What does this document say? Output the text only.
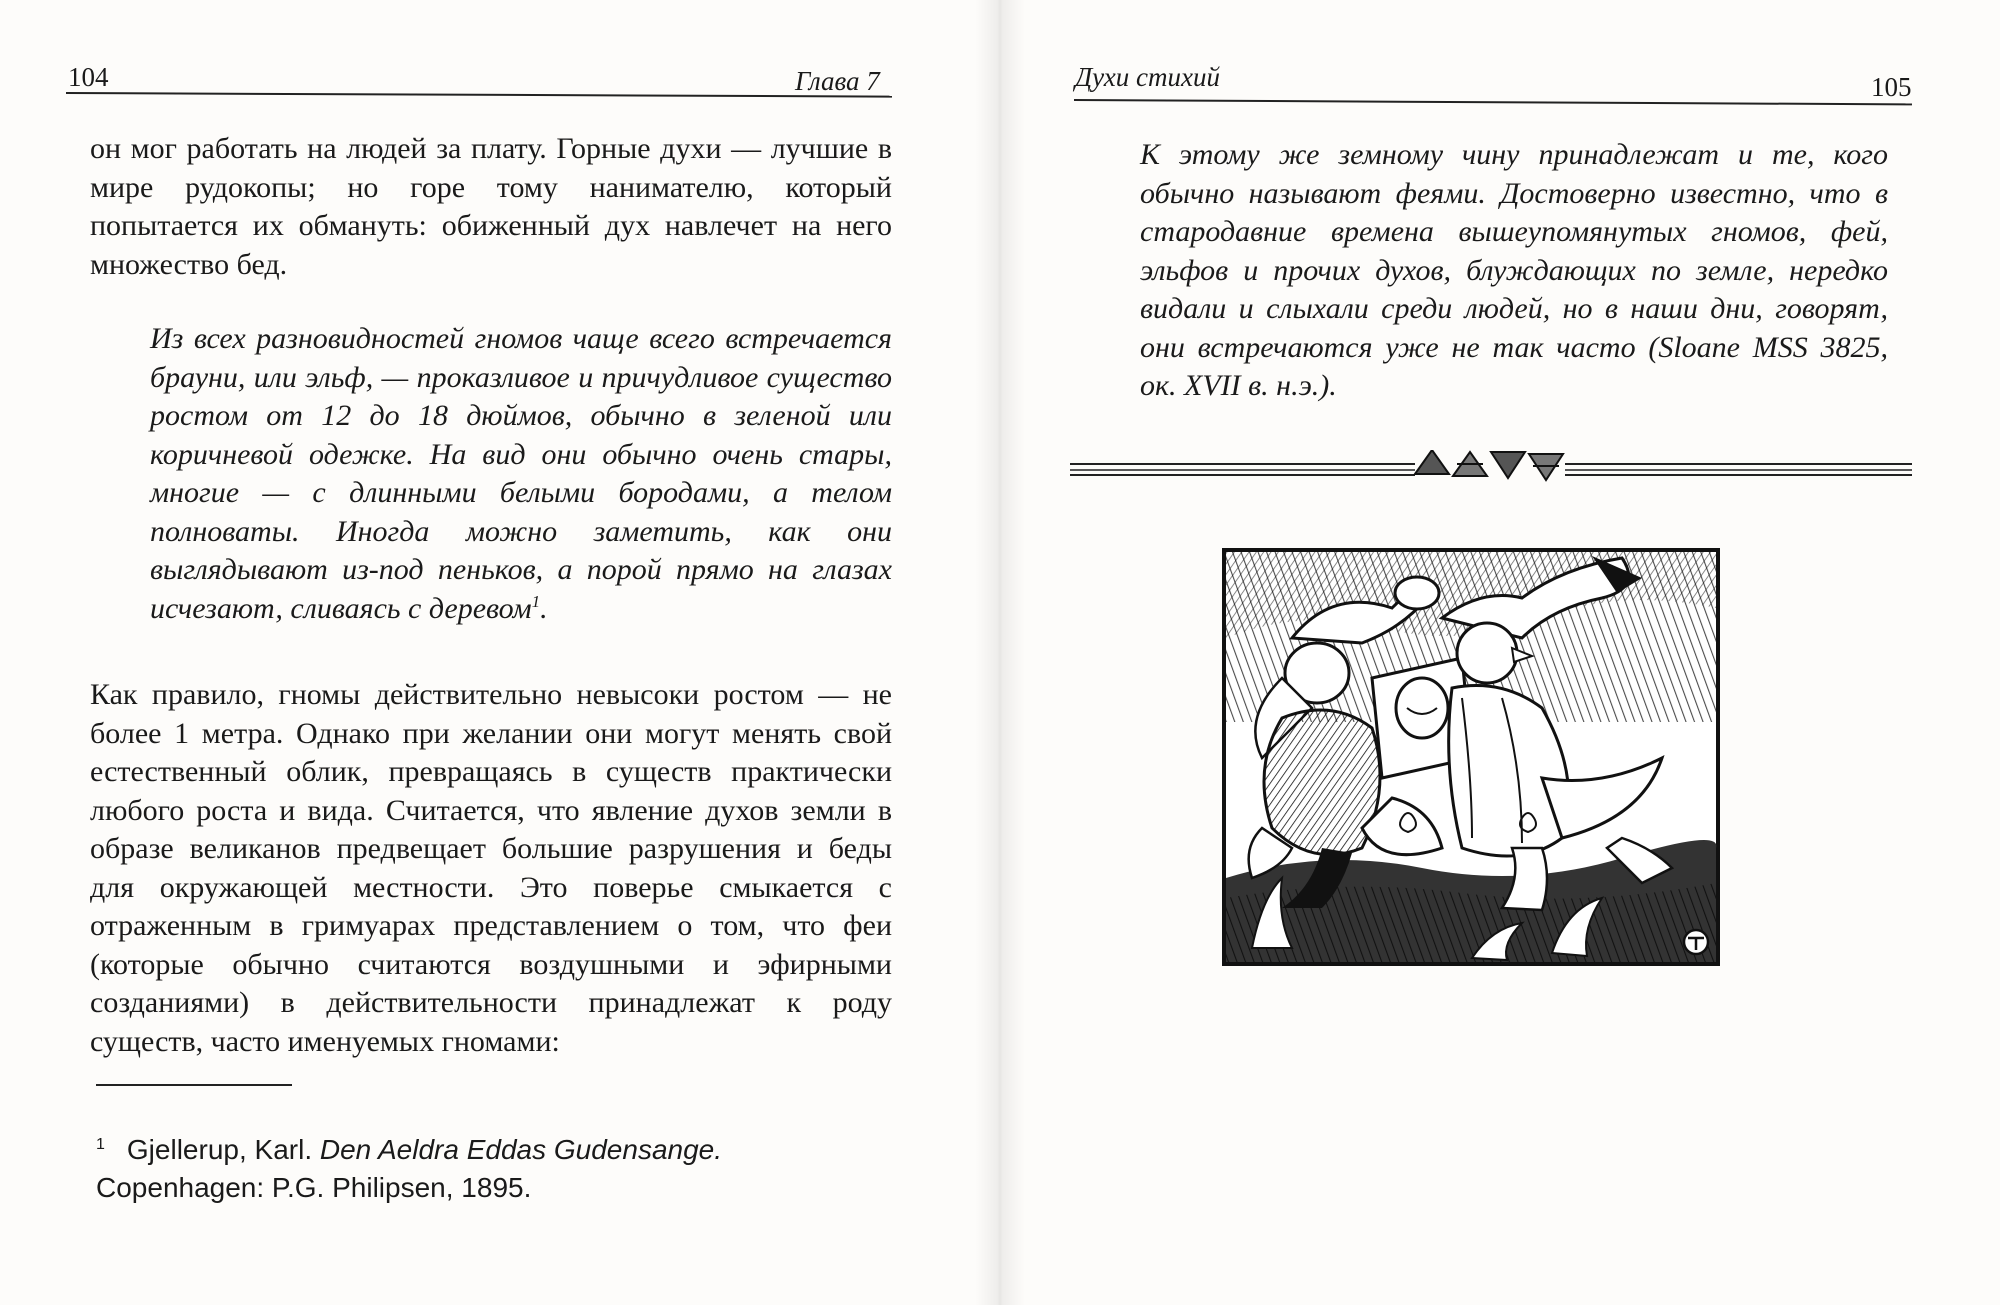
104	Глава 7

он мог работать на людей за плату. Горные духи — лучшие в мире рудокопы; но горе тому нанимателю, который попытается их обмануть: обиженный дух навлечет на него множество бед.

Из всех разновидностей гномов чаще всего встречается брауни, или эльф, — проказливое и причудливое существо ростом от 12 до 18 дюймов, обычно в зеленой или коричневой одежке. На вид они обычно очень стары, многие — с длинными белыми бородами, а телом полноваты. Иногда можно заметить, как они выглядывают из-под пеньков, а порой прямо на глазах исчезают, сливаясь с деревом$^1$.

Как правило, гномы действительно невысоки ростом — не более 1 метра. Однако при желании они могут менять свой естественный облик, превращаясь в существ практически любого роста и вида. Считается, что явление духов земли в образе великанов предвещает большие разрушения и беды для окружающей местности. Это поверье смыкается с отраженным в гримуарах представлением о том, что феи (которые обычно считаются воздушными и эфирными созданиями) в действительности принадлежат к роду существ, часто именуемых гномами:

$^1$ Gjellerup, Karl. Den Aeldra Eddas Gudensange. Copenhagen: P.G. Philipsen, 1895.

Духи стихий	105

К этому же земному чину принадлежат и те, кого обычно называют феями. Достоверно известно, что в стародавние времена вышеупомянутых гномов, фей, эльфов и прочих духов, блуждающих по земле, нередко видали и слыхали среди людей, но в наши дни, говорят, они встречаются уже не так часто (Sloane MSS 3825, ок. XVII в. н.э.).
